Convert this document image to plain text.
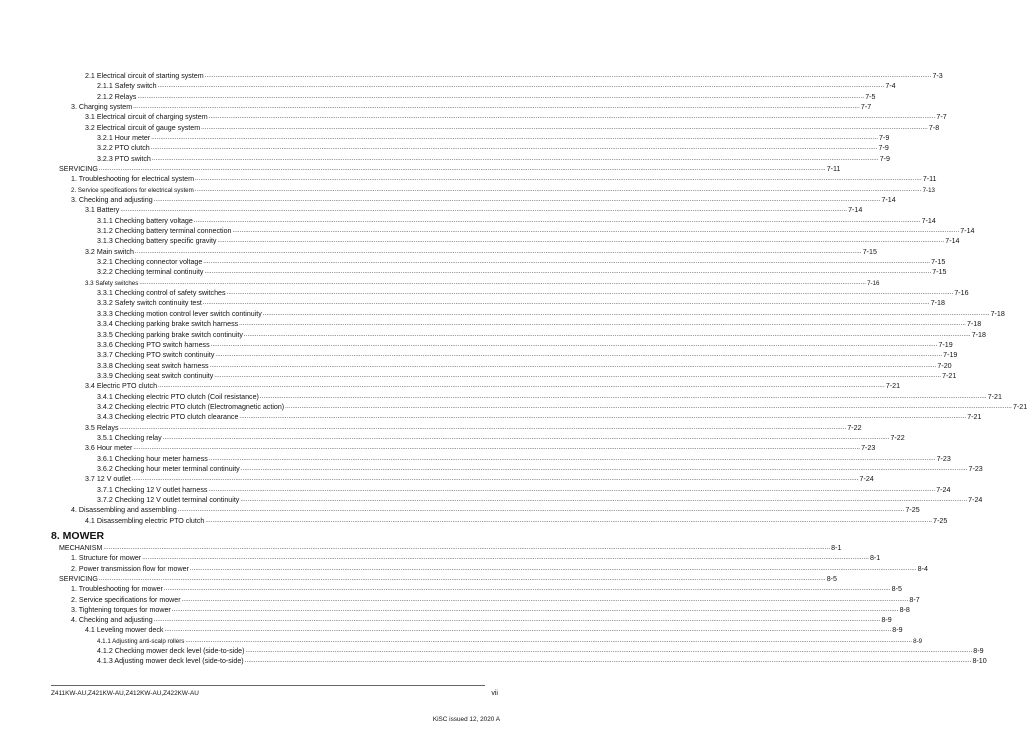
2.1 Electrical circuit of starting system ................................................................................................................................................................................................................................................................................................................................................................................................................ 7-3
2.1.1 Safety switch ................................................................................................................................................................................................................................................................................................................................................................................................................ 7-4
2.1.2 Relays ................................................................................................................................................................................................................................................................................................................................................................................................................ 7-5
3. Charging system ................................................................................................................................................................................................................................................................................................................................................................................................................ 7-7
3.1 Electrical circuit of charging system ................................................................................................................................................................................................................................................................................................................................................................................................................ 7-7
3.2 Electrical circuit of gauge system ................................................................................................................................................................................................................................................................................................................................................................................................................ 7-8
3.2.1 Hour meter ................................................................................................................................................................................................................................................................................................................................................................................................................ 7-9
3.2.2 PTO clutch ................................................................................................................................................................................................................................................................................................................................................................................................................ 7-9
3.2.3 PTO switch ................................................................................................................................................................................................................................................................................................................................................................................................................ 7-9
SERVICING ................................................................................................................................................................................................................................................................................................................................................................................................................ 7-11
1. Troubleshooting for electrical system ................................................................................................................................................................................................................................................................................................................................................................................................................ 7-11
2. Service specifications for electrical system ................................................................................................................................................................................................................................................................................................................................................................................................................ 7-13
3. Checking and adjusting ................................................................................................................................................................................................................................................................................................................................................................................................................ 7-14
3.1 Battery ................................................................................................................................................................................................................................................................................................................................................................................................................ 7-14
3.1.1 Checking battery voltage ................................................................................................................................................................................................................................................................................................................................................................................................................ 7-14
3.1.2 Checking battery terminal connection ................................................................................................................................................................................................................................................................................................................................................................................................................ 7-14
3.1.3 Checking battery specific gravity ................................................................................................................................................................................................................................................................................................................................................................................................................ 7-14
3.2 Main switch ................................................................................................................................................................................................................................................................................................................................................................................................................ 7-15
3.2.1 Checking connector voltage ................................................................................................................................................................................................................................................................................................................................................................................................................ 7-15
3.2.2 Checking terminal continuity ................................................................................................................................................................................................................................................................................................................................................................................................................ 7-15
3.3 Safety switches ................................................................................................................................................................................................................................................................................................................................................................................................................ 7-16
3.3.1 Checking control of safety switches ................................................................................................................................................................................................................................................................................................................................................................................................................ 7-16
3.3.2 Safety switch continuity test ................................................................................................................................................................................................................................................................................................................................................................................................................ 7-18
3.3.3 Checking motion control lever switch continuity ................................................................................................................................................................................................................................................................................................................................................................................................................ 7-18
3.3.4 Checking parking brake switch harness ................................................................................................................................................................................................................................................................................................................................................................................................................ 7-18
3.3.5 Checking parking brake switch continuity ................................................................................................................................................................................................................................................................................................................................................................................................................ 7-18
3.3.6 Checking PTO switch harness ................................................................................................................................................................................................................................................................................................................................................................................................................ 7-19
3.3.7 Checking PTO switch continuity ................................................................................................................................................................................................................................................................................................................................................................................................................ 7-19
3.3.8 Checking seat switch harness ................................................................................................................................................................................................................................................................................................................................................................................................................ 7-20
3.3.9 Checking seat switch continuity ................................................................................................................................................................................................................................................................................................................................................................................................................ 7-21
3.4 Electric PTO clutch ................................................................................................................................................................................................................................................................................................................................................................................................................ 7-21
3.4.1 Checking electric PTO clutch (Coil resistance) ................................................................................................................................................................................................................................................................................................................................................................................................................ 7-21
3.4.2 Checking electric PTO clutch (Electromagnetic action) ................................................................................................................................................................................................................................................................................................................................................................................................................ 7-21
3.4.3 Checking electric PTO clutch clearance ................................................................................................................................................................................................................................................................................................................................................................................................................ 7-21
3.5 Relays ................................................................................................................................................................................................................................................................................................................................................................................................................ 7-22
3.5.1 Checking relay ................................................................................................................................................................................................................................................................................................................................................................................................................ 7-22
3.6 Hour meter ................................................................................................................................................................................................................................................................................................................................................................................................................ 7-23
3.6.1 Checking hour meter harness ................................................................................................................................................................................................................................................................................................................................................................................................................ 7-23
3.6.2 Checking hour meter terminal continuity ................................................................................................................................................................................................................................................................................................................................................................................................................ 7-23
3.7 12 V outlet ................................................................................................................................................................................................................................................................................................................................................................................................................ 7-24
3.7.1 Checking 12 V outlet harness ................................................................................................................................................................................................................................................................................................................................................................................................................ 7-24
3.7.2 Checking 12 V outlet terminal continuity ................................................................................................................................................................................................................................................................................................................................................................................................................ 7-24
4. Disassembling and assembling ................................................................................................................................................................................................................................................................................................................................................................................................................ 7-25
4.1 Disassembling electric PTO clutch ................................................................................................................................................................................................................................................................................................................................................................................................................ 7-25
8. MOWER
MECHANISM ................................................................................................................................................................................................................................................................................................................................................................................................................ 8-1
1. Structure for mower ................................................................................................................................................................................................................................................................................................................................................................................................................ 8-1
2. Power transmission flow for mower ................................................................................................................................................................................................................................................................................................................................................................................................................ 8-4
SERVICING ................................................................................................................................................................................................................................................................................................................................................................................................................ 8-5
1. Troubleshooting for mower ................................................................................................................................................................................................................................................................................................................................................................................................................ 8-5
2. Service specifications for mower ................................................................................................................................................................................................................................................................................................................................................................................................................ 8-7
3. Tightening torques for mower ................................................................................................................................................................................................................................................................................................................................................................................................................ 8-8
4. Checking and adjusting ................................................................................................................................................................................................................................................................................................................................................................................................................ 8-9
4.1 Leveling mower deck ................................................................................................................................................................................................................................................................................................................................................................................................................ 8-9
4.1.1 Adjusting anti-scalp rollers ................................................................................................................................................................................................................................................................................................................................................................................................................ 8-9
4.1.2 Checking mower deck level (side-to-side) ................................................................................................................................................................................................................................................................................................................................................................................................................ 8-9
4.1.3 Adjusting mower deck level (side-to-side) ................................................................................................................................................................................................................................................................................................................................................................................................................ 8-10
Z411KW-AU,Z421KW-AU,Z412KW-AU,Z422KW-AU	vii
KiSC issued 12, 2020 A
